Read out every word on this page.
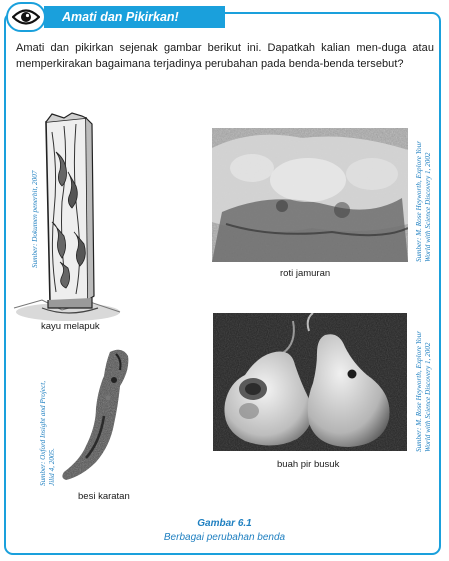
Amati dan Pikirkan!
Amati dan pikirkan sejenak gambar berikut ini. Dapatkah kalian men-duga atau memperkirakan bagaimana terjadinya perubahan pada benda-benda tersebut?
Sumber: Dokumen penerbit, 2007
kayu melapuk
Sumber: M. Rose Heyworth, Explore Your World with Science Discovery 1, 2002
roti jamuran
Sumber: M. Rose Heyworth, Explore Your World with Science Discovery 1, 2002
buah pir busuk
Sumber: Oxford Insight and Project, Jilid 4, 2005.
besi karatan
Gambar 6.1
Berbagai perubahan benda
